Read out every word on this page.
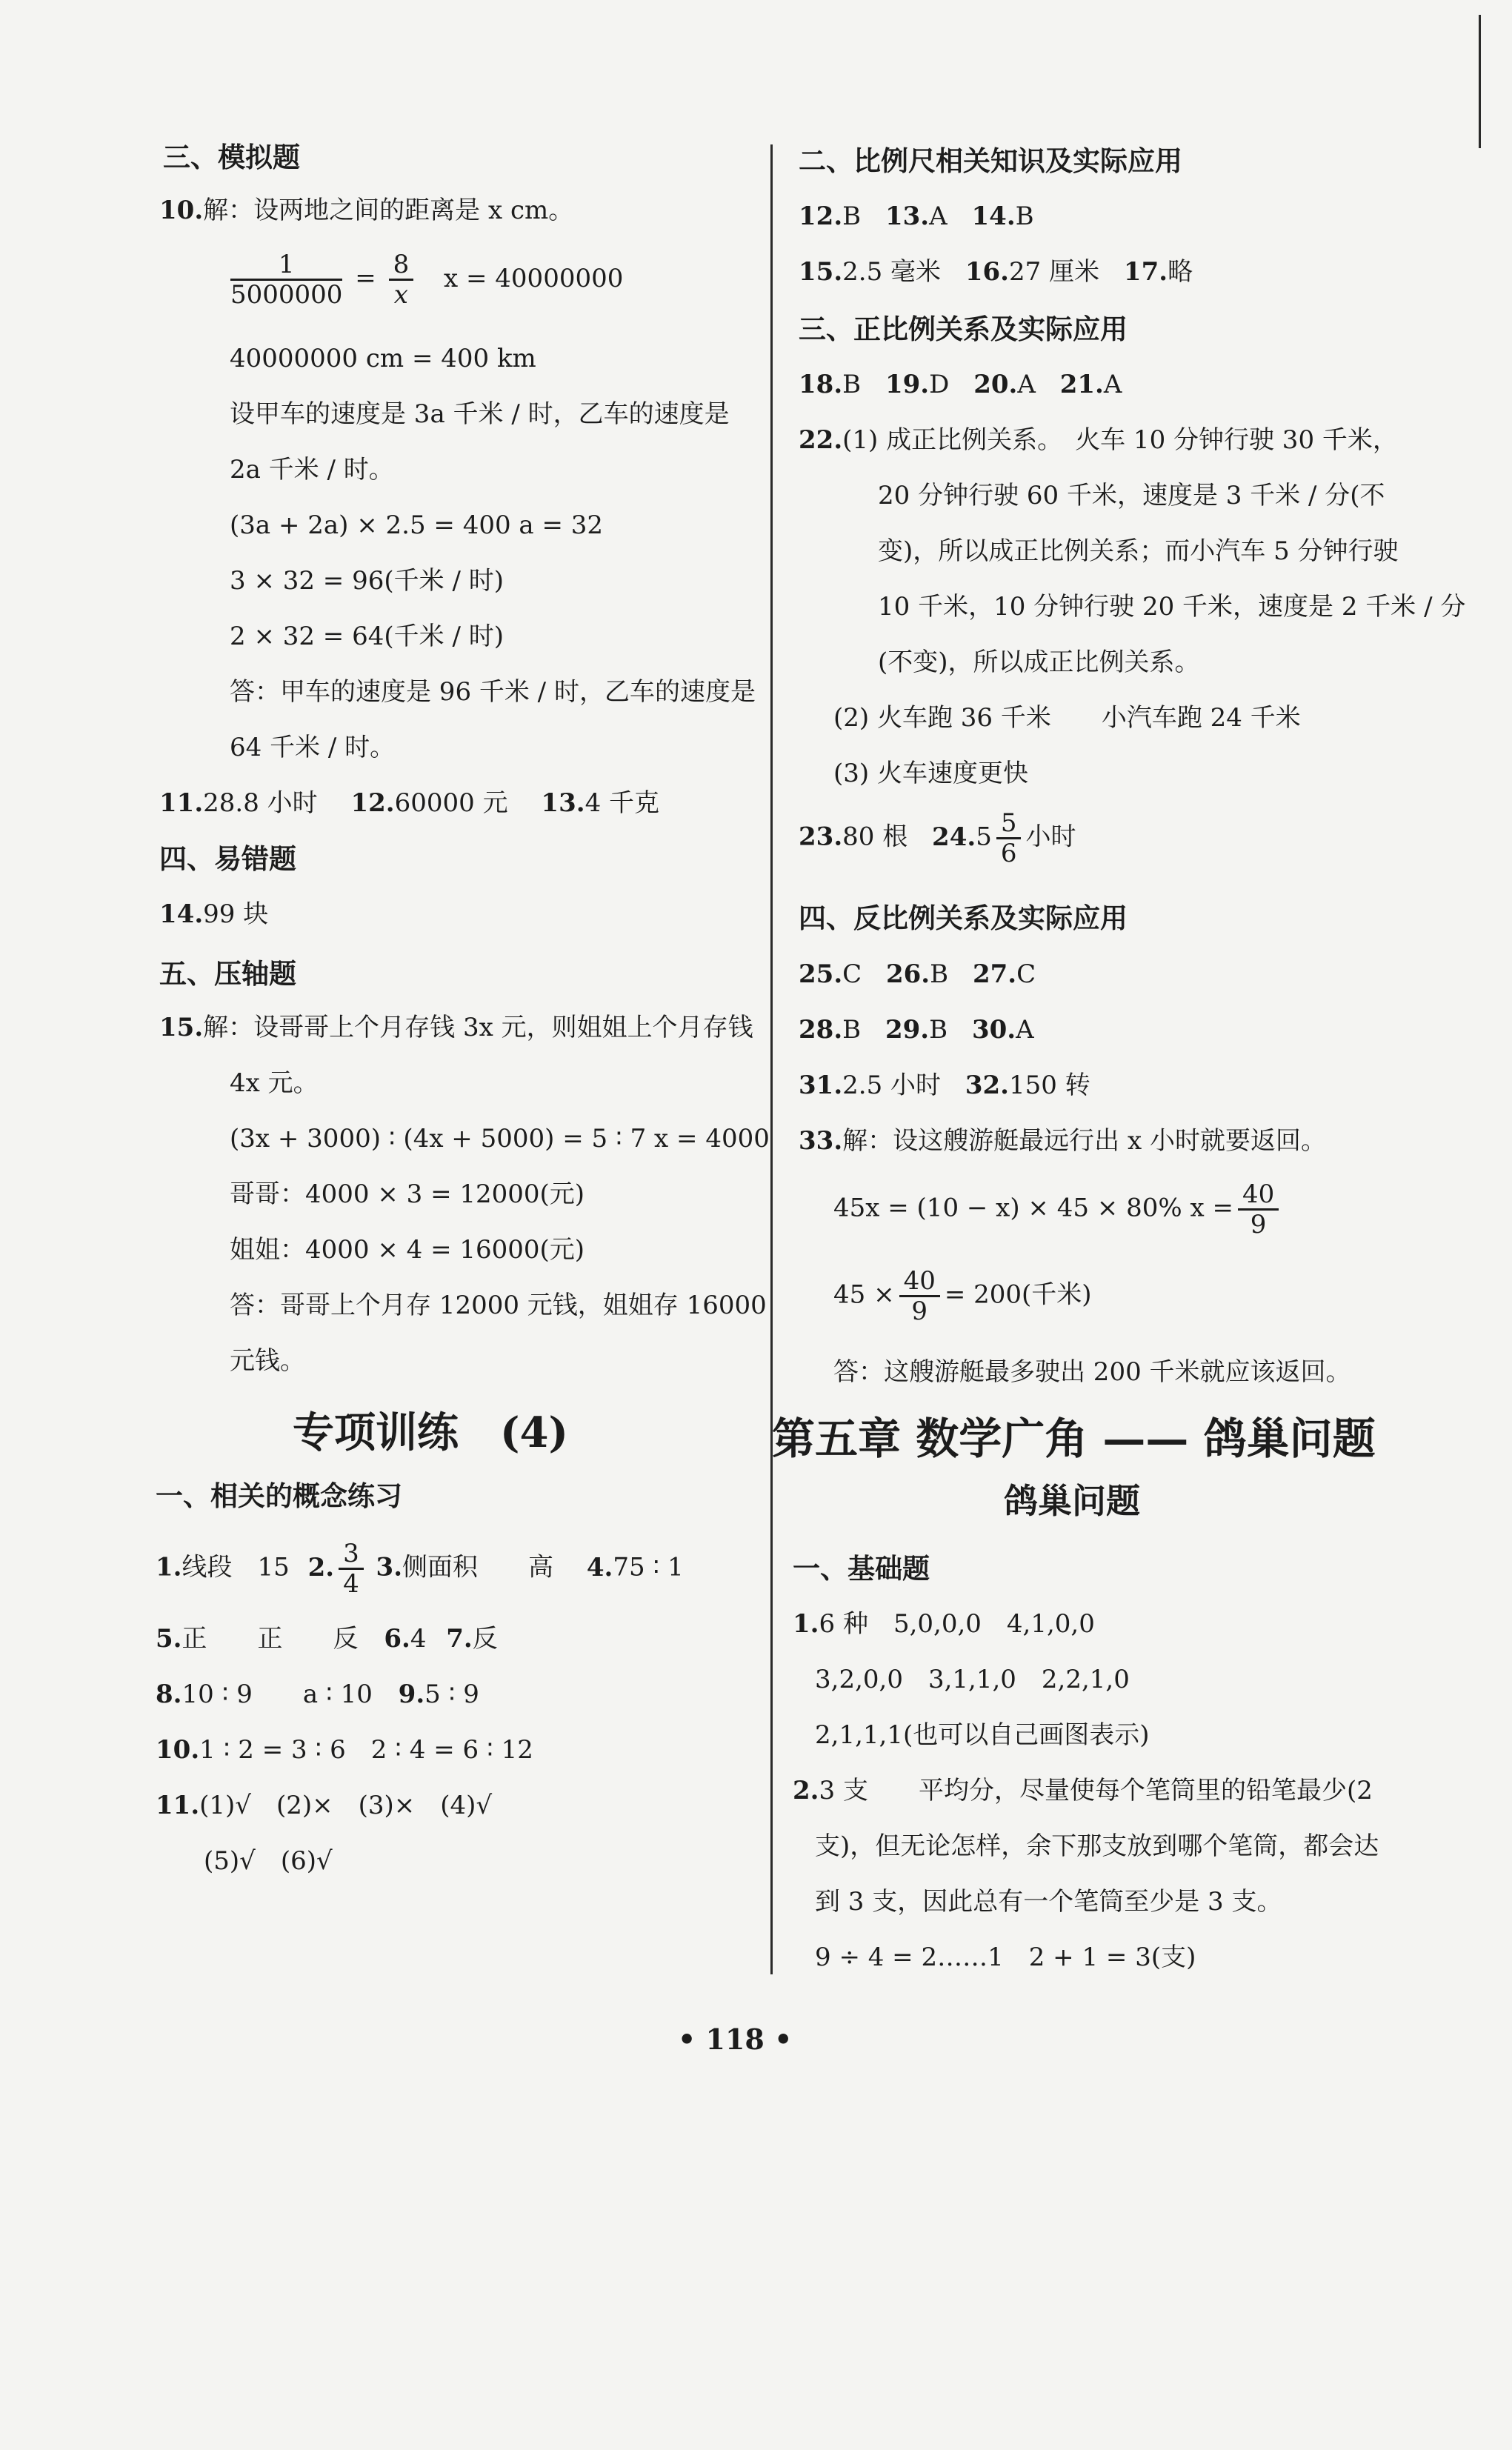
三、模拟题
10.解：设两地之间的距离是 x cm。
$\frac{1}{5000000} = \frac{8}{x}$ x = 40000000
40000000 cm = 400 km
设甲车的速度是 3a 千米 / 时，乙车的速度是
2a 千米 / 时。
(3a + 2a) × 2.5 = 400 a = 32
3 × 32 = 96(千米 / 时)
2 × 32 = 64(千米 / 时)
答：甲车的速度是 96 千米 / 时，乙车的速度是
64 千米 / 时。
11.28.8 小时 12.60000 元 13.4 千克
四、易错题
14.99 块
五、压轴题
15.解：设哥哥上个月存钱 3x 元，则姐姐上个月存钱
4x 元。
(3x + 3000) ∶ (4x + 5000) = 5 ∶ 7 x = 4000
哥哥：4000 × 3 = 12000(元)
姐姐：4000 × 4 = 16000(元)
答：哥哥上个月存 12000 元钱，姐姐存 16000
元钱。
专项训练　(4)
一、相关的概念练习
1.线段　15 2. $\frac{3}{4} 3$.侧面积　　高 4.75 ∶ 1
5.正　　正　　反 6.4 7.反
8.10 ∶ 9　　a ∶ 10 9.5 ∶ 9
10.1 ∶ 2 = 3 ∶ 6　2 ∶ 4 = 6 ∶ 12
11.(1)√　(2)×　(3)×　(4)√
(5)√　(6)√
二、比例尺相关知识及实际应用
12.B 13.A 14.B
15.2.5 毫米 16.27 厘米 17.略
三、正比例关系及实际应用
18.B 19.D 20.A 21.A
22.(1) 成正比例关系。　火车 10 分钟行驶 30 千米，
20 分钟行驶 60 千米，速度是 3 千米 / 分(不
变)，所以成正比例关系；而小汽车 5 分钟行驶
10 千米，10 分钟行驶 20 千米，速度是 2 千米 / 分
(不变)，所以成正比例关系。
(2) 火车跑 36 千米　　小汽车跑 24 千米
(3) 火车速度更快
23.80 根 $24.5 \frac{5}{6}$ 小时
四、反比例关系及实际应用
25.C 26.B 27.C
28.B 29.B 30.A
31.2.5 小时 32.150 转
33.解：设这艘游艇最远行出 x 小时就要返回。
45x = (10 − x) × 45 × 80% $x = \frac{40}{9}$
$45 \times \frac{40}{9} = 200$(千米)
答：这艘游艇最多驶出 200 千米就应该返回。
第五章 数学广角 —— 鸽巢问题
鸽巢问题
一、基础题
1.6 种　5,0,0,0　4,1,0,0
3,2,0,0　3,1,1,0　2,2,1,0
2,1,1,1(也可以自己画图表示)
2.3 支　　平均分，尽量使每个笔筒里的铅笔最少(2
支)，但无论怎样，余下那支放到哪个笔筒，都会达
到 3 支，因此总有一个笔筒至少是 3 支。
9 ÷ 4 = 2……1　2 + 1 = 3(支)
• 118 •
